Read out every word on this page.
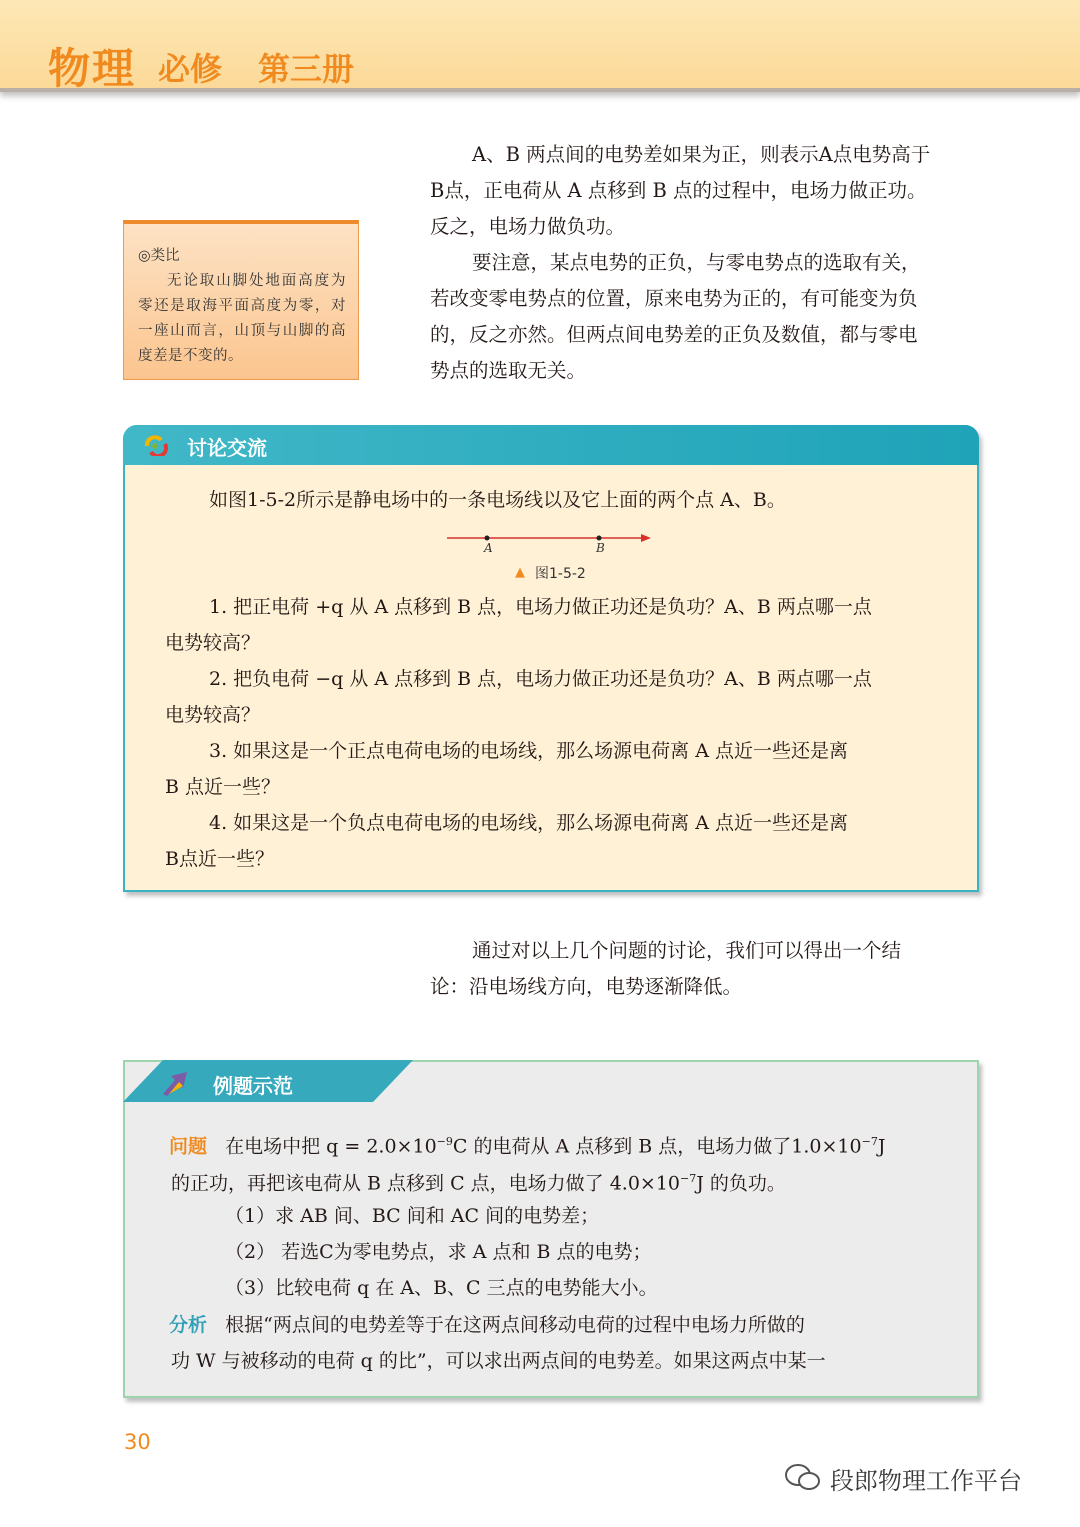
物理 必修 第三册
A、B 两点间的电势差如果为正，则表示A点电势高于
B点，正电荷从 A 点移到 B 点的过程中，电场力做正功。
反之，电场力做负功。
要注意，某点电势的正负，与零电势点的选取有关，
若改变零电势点的位置，原来电势为正的，有可能变为负
的，反之亦然。但两点间电势差的正负及数值，都与零电
势点的选取无关。
◎类比
无论取山脚处地面高度为零还是取海平面高度为零，对一座山而言，山顶与山脚的高度差是不变的。
讨论交流
如图1-5-2所示是静电场中的一条电场线以及它上面的两个点 A、B。
A	B
▲ 图1-5-2
1. 把正电荷 +q 从 A 点移到 B 点，电场力做正功还是负功？A、B 两点哪一点
电势较高？
2. 把负电荷 −q 从 A 点移到 B 点，电场力做正功还是负功？A、B 两点哪一点
电势较高？
3. 如果这是一个正点电荷电场的电场线，那么场源电荷离 A 点近一些还是离
B 点近一些？
4. 如果这是一个负点电荷电场的电场线，那么场源电荷离 A 点近一些还是离
B点近一些？
通过对以上几个问题的讨论，我们可以得出一个结
论：沿电场线方向，电势逐渐降低。
例题示范
问题 在电场中把 $q = 2.0\times 10^{-9}C$ 的电荷从 A 点移到 B 点，电场力做了$1.0\times 10^{-7}J$
的正功，再把该电荷从 B 点移到 C 点，电场力做了 $4.0\times 10^{-7}J$ 的负功。
（1）求 AB 间、BC 间和 AC 间的电势差；
（2） 若选C为零电势点，求 A 点和 B 点的电势；
（3）比较电荷 q 在 A、B、C 三点的电势能大小。
分析 根据“两点间的电势差等于在这两点间移动电荷的过程中电场力所做的
功 W 与被移动的电荷 q 的比”，可以求出两点间的电势差。如果这两点中某一
30
段郎物理工作平台
